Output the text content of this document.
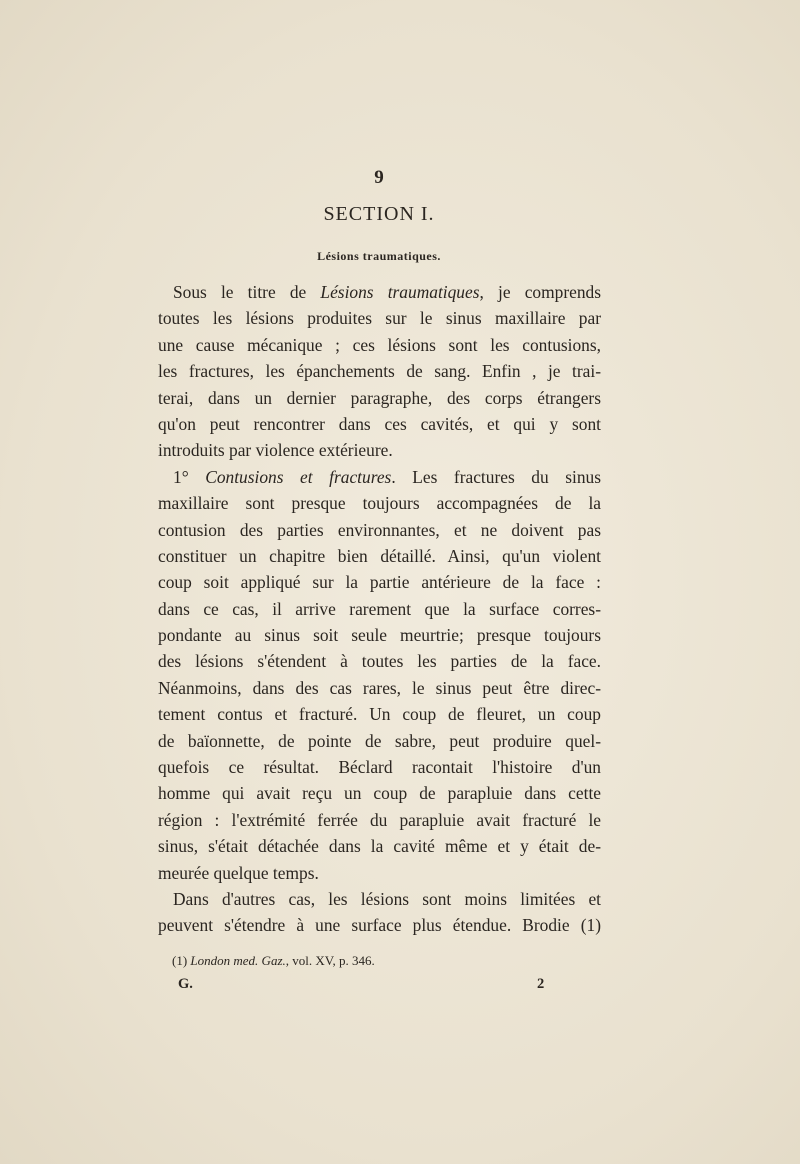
9
SECTION I.
Lésions traumatiques.
Sous le titre de Lésions traumatiques, je comprends
toutes les lésions produites sur le sinus maxillaire par
une cause mécanique ; ces lésions sont les contusions,
les fractures, les épanchements de sang. Enfin , je trai-
terai, dans un dernier paragraphe, des corps étrangers
qu'on peut rencontrer dans ces cavités, et qui y sont
introduits par violence extérieure.
1° Contusions et fractures. Les fractures du sinus
maxillaire sont presque toujours accompagnées de la
contusion des parties environnantes, et ne doivent pas
constituer un chapitre bien détaillé. Ainsi, qu'un violent
coup soit appliqué sur la partie antérieure de la face :
dans ce cas, il arrive rarement que la surface corres-
pondante au sinus soit seule meurtrie; presque toujours
des lésions s'étendent à toutes les parties de la face.
Néanmoins, dans des cas rares, le sinus peut être direc-
tement contus et fracturé. Un coup de fleuret, un coup
de baïonnette, de pointe de sabre, peut produire quel-
quefois ce résultat. Béclard racontait l'histoire d'un
homme qui avait reçu un coup de parapluie dans cette
région : l'extrémité ferrée du parapluie avait fracturé le
sinus, s'était détachée dans la cavité même et y était de-
meurée quelque temps.
Dans d'autres cas, les lésions sont moins limitées et
peuvent s'étendre à une surface plus étendue. Brodie (1)
(1) London med. Gaz., vol. XV, p. 346.
G.	2
